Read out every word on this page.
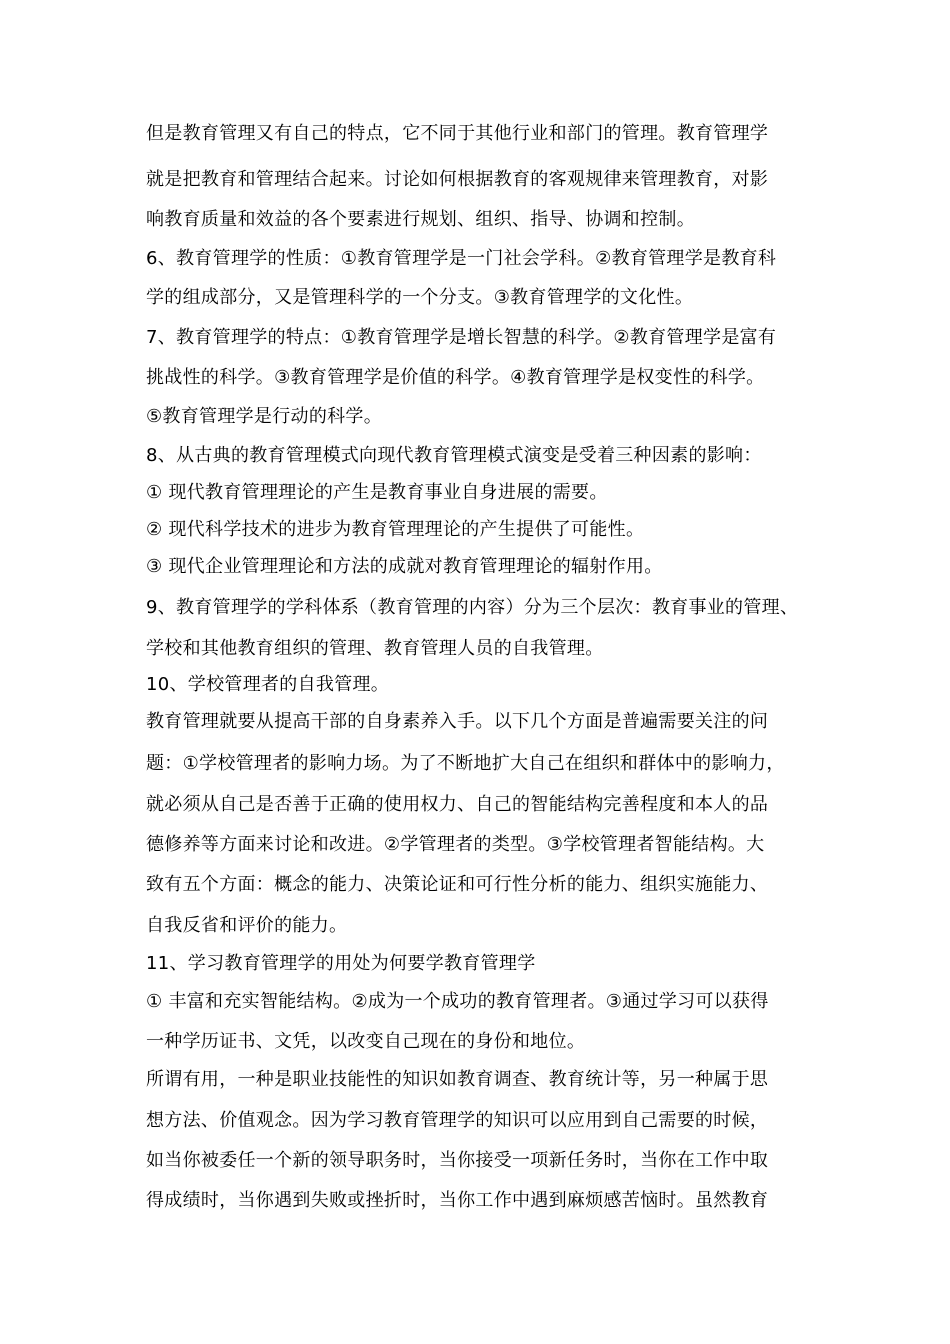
但是教育管理又有自己的特点，它不同于其他行业和部门的管理。教育管理学
就是把教育和管理结合起来。讨论如何根据教育的客观规律来管理教育，对影
响教育质量和效益的各个要素进行规划、组织、指导、协调和控制。
6、教育管理学的性质：①教育管理学是一门社会学科。②教育管理学是教育科
学的组成部分，又是管理科学的一个分支。③教育管理学的文化性。
7、教育管理学的特点：①教育管理学是增长智慧的科学。②教育管理学是富有
挑战性的科学。③教育管理学是价值的科学。④教育管理学是权变性的科学。
⑤教育管理学是行动的科学。
8、从古典的教育管理模式向现代教育管理模式演变是受着三种因素的影响：
① 现代教育管理理论的产生是教育事业自身进展的需要。
② 现代科学技术的进步为教育管理理论的产生提供了可能性。
③ 现代企业管理理论和方法的成就对教育管理理论的辐射作用。
9、教育管理学的学科体系（教育管理的内容）分为三个层次：教育事业的管理、
学校和其他教育组织的管理、教育管理人员的自我管理。
10、学校管理者的自我管理。
教育管理就要从提高干部的自身素养入手。以下几个方面是普遍需要关注的问
题：①学校管理者的影响力场。为了不断地扩大自己在组织和群体中的影响力，
就必须从自己是否善于正确的使用权力、自己的智能结构完善程度和本人的品
德修养等方面来讨论和改进。②学管理者的类型。③学校管理者智能结构。大
致有五个方面：概念的能力、决策论证和可行性分析的能力、组织实施能力、
自我反省和评价的能力。
11、学习教育管理学的用处为何要学教育管理学
① 丰富和充实智能结构。②成为一个成功的教育管理者。③通过学习可以获得
一种学历证书、文凭，以改变自己现在的身份和地位。
所谓有用，一种是职业技能性的知识如教育调查、教育统计等，另一种属于思
想方法、价值观念。因为学习教育管理学的知识可以应用到自己需要的时候，
如当你被委任一个新的领导职务时，当你接受一项新任务时，当你在工作中取
得成绩时，当你遇到失败或挫折时，当你工作中遇到麻烦感苦恼时。虽然教育
